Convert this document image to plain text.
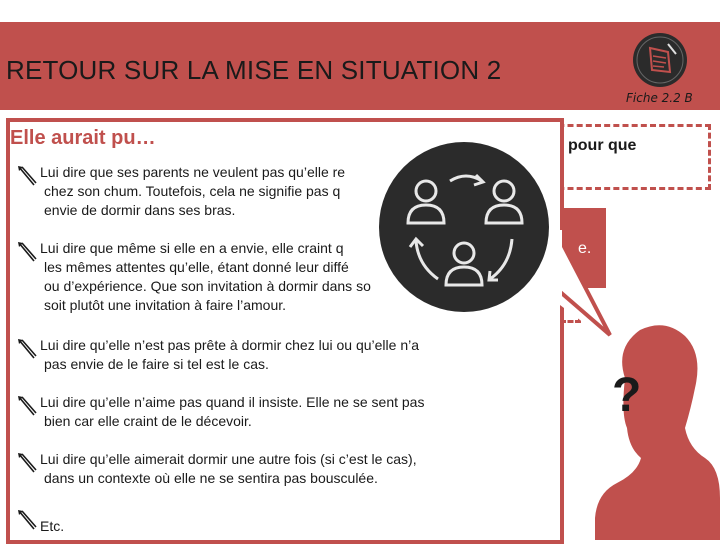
RETOUR SUR LA MISE EN SITUATION 2
Fiche 2.2 B
pour que
e.
Elle aurait pu…
Lui dire que ses parents ne veulent pas qu’elle re
chez son chum. Toutefois, cela ne signifie pas q
envie de dormir dans ses bras.
Lui dire que même si elle en a envie, elle craint q
les mêmes attentes qu’elle, étant donné leur diffé
ou d’expérience. Que son invitation à dormir dans so
soit plutôt une invitation à faire l’amour.
Lui dire qu’elle n’est pas prête à dormir chez lui ou qu’elle n’a
pas envie de le faire si tel est le cas.
Lui dire qu’elle n’aime pas quand il insiste. Elle ne se sent pas
bien car elle craint de le décevoir.
Lui dire qu’elle aimerait dormir une autre fois (si c’est le cas),
dans un contexte où elle ne se sentira pas bousculée.
Etc.
?
